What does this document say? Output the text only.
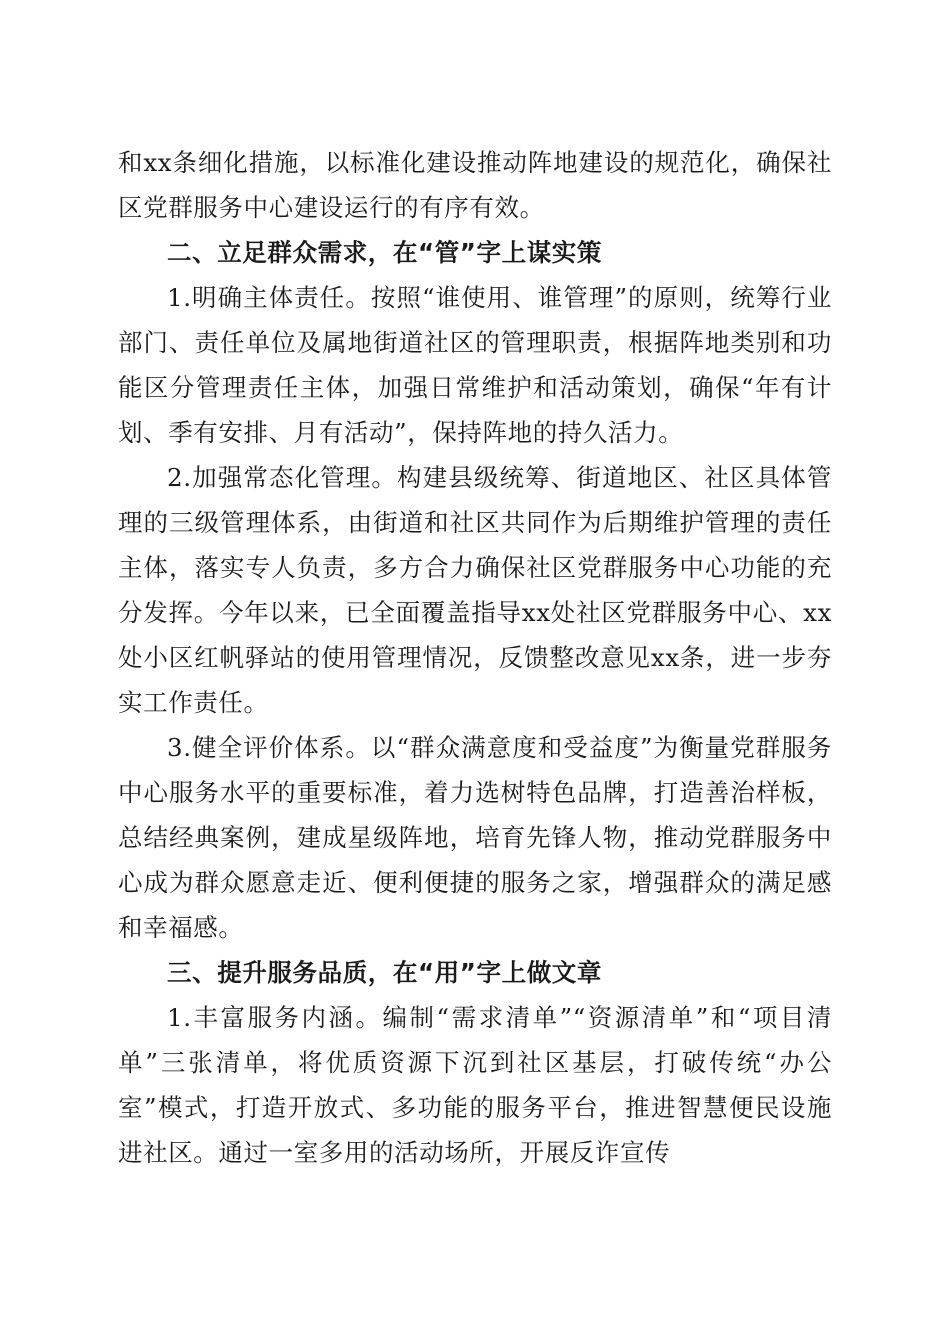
和xx条细化措施，以标准化建设推动阵地建设的规范化，确保社区党群服务中心建设运行的有序有效。

二、立足群众需求，在“管”字上谋实策

1.明确主体责任。按照“谁使用、谁管理”的原则，统筹行业部门、责任单位及属地街道社区的管理职责，根据阵地类别和功能区分管理责任主体，加强日常维护和活动策划，确保“年有计划、季有安排、月有活动”，保持阵地的持久活力。

2.加强常态化管理。构建县级统筹、街道地区、社区具体管理的三级管理体系，由街道和社区共同作为后期维护管理的责任主体，落实专人负责，多方合力确保社区党群服务中心功能的充分发挥。今年以来，已全面覆盖指导xx处社区党群服务中心、xx处小区红帆驿站的使用管理情况，反馈整改意见xx条，进一步夯实工作责任。

3.健全评价体系。以“群众满意度和受益度”为衡量党群服务中心服务水平的重要标准，着力选树特色品牌，打造善治样板，总结经典案例，建成星级阵地，培育先锋人物，推动党群服务中心成为群众愿意走近、便利便捷的服务之家，增强群众的满足感和幸福感。

三、提升服务品质，在“用”字上做文章

1.丰富服务内涵。编制“需求清单”“资源清单”和“项目清单”三张清单，将优质资源下沉到社区基层，打破传统“办公室”模式，打造开放式、多功能的服务平台，推进智慧便民设施进社区。通过一室多用的活动场所，开展反诈宣传
